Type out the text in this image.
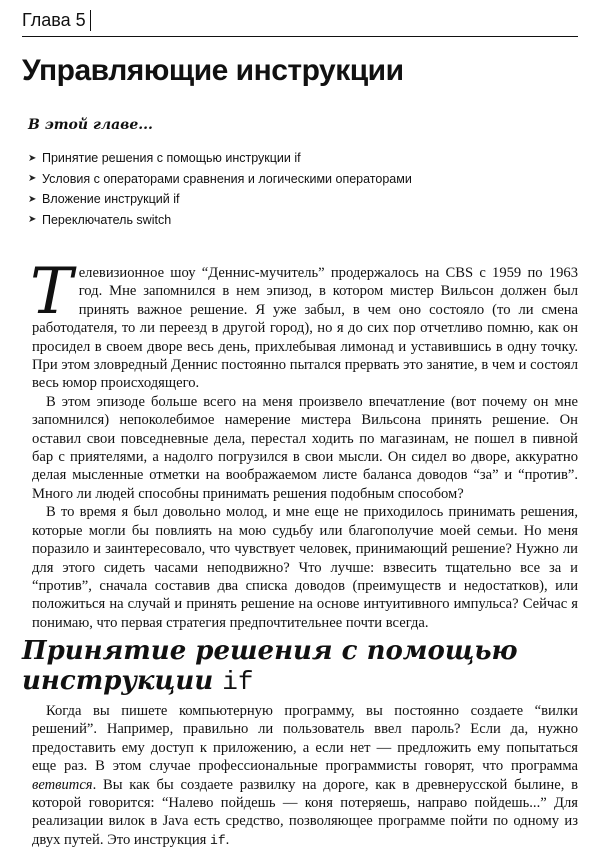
Глава 5
Управляющие инструкции
В этой главе...
➤ Принятие решения с помощью инструкции if
➤ Условия с операторами сравнения и логическими операторами
➤ Вложение инструкций if
➤ Переключатель switch

Телевизионное шоу “Деннис-мучитель” продержалось на CBS с 1959 по 1963 год. Мне запомнился в нем эпизод, в котором мистер Вильсон должен был принять важное решение. Я уже забыл, в чем оно состояло (то ли смена работодателя, то ли переезд в другой город), но я до сих пор отчетливо помню, как он просидел в своем дворе весь день, прихлебывая лимонад и уставившись в одну точку. При этом зловредный Деннис постоянно пытался прервать это занятие, в чем и состоял весь юмор происходящего.

В этом эпизоде больше всего на меня произвело впечатление (вот почему он мне запомнился) непоколебимое намерение мистера Вильсона принять решение. Он оставил свои повседневные дела, перестал ходить по магазинам, не пошел в пивной бар с приятелями, а надолго погрузился в свои мысли. Он сидел во дворе, аккуратно делая мысленные отметки на воображаемом листе баланса доводов “за” и “против”. Много ли людей способны принимать решения подобным способом?

В то время я был довольно молод, и мне еще не приходилось принимать решения, которые могли бы повлиять на мою судьбу или благополучие моей семьи. Но меня поразило и заинтересовало, что чувствует человек, принимающий решение? Нужно ли для этого сидеть часами неподвижно? Что лучше: взвесить тщательно все за и “против”, сначала составив два списка доводов (преимуществ и недостатков), или положиться на случай и принять решение на основе интуитивного импульса? Сейчас я понимаю, что первая стратегия предпочтительнее почти всегда.

Принятие решения с помощью инструкции if

Когда вы пишете компьютерную программу, вы постоянно создаете “вилки решений”. Например, правильно ли пользователь ввел пароль? Если да, нужно предоставить ему доступ к приложению, а если нет — предложить ему попытаться еще раз. В этом случае профессиональные программисты говорят, что программа ветвится. Вы как бы создаете развилку на дороге, как в древнерусской былине, в которой говорится: “Налево пойдешь — коня потеряешь, направо пойдешь...” Для реализации вилок в Java есть средство, позволяющее программе пойти по одному из двух путей. Это инструкция if.
